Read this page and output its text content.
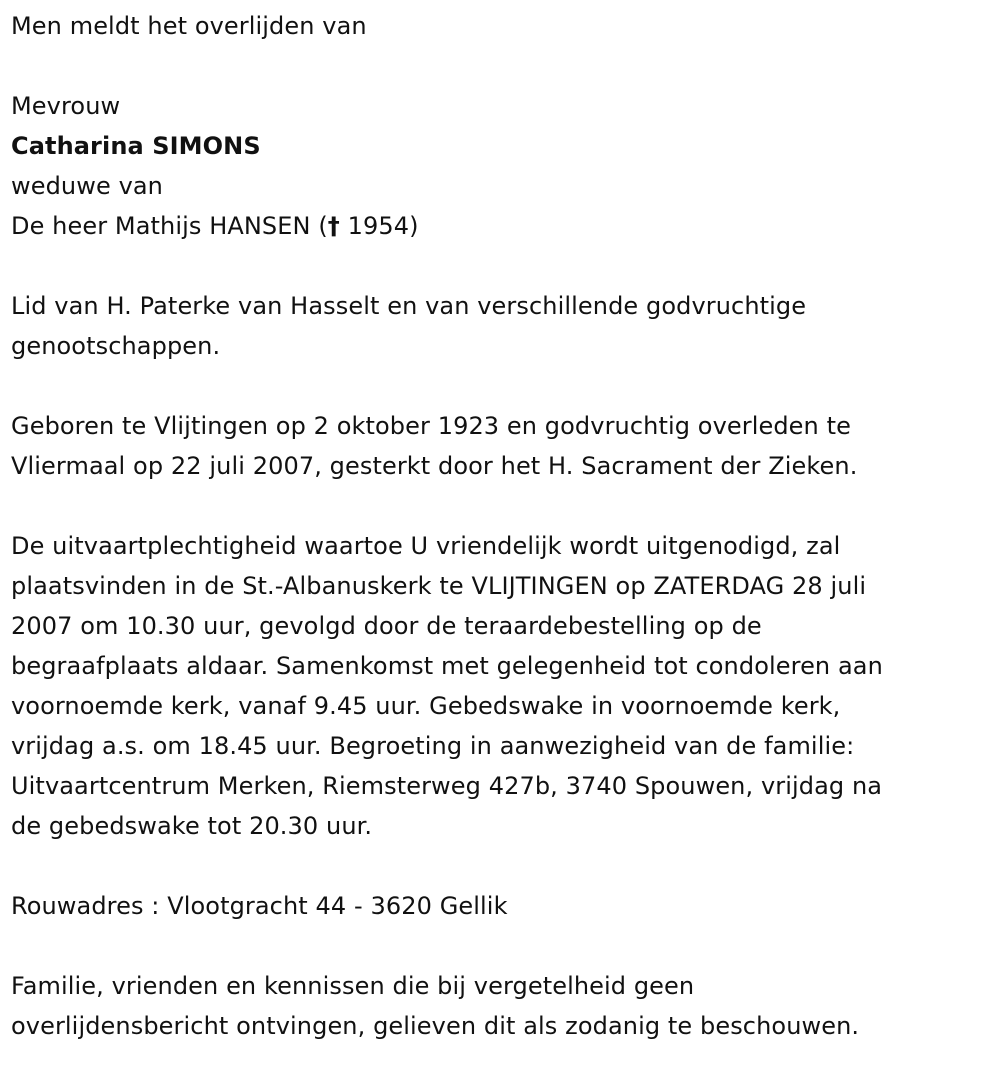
Men meldt het overlijden van
Mevrouw
Catharina SIMONS
weduwe van
De heer Mathijs HANSEN († 1954)
Lid van H. Paterke van Hasselt en van verschillende godvruchtige
genootschappen.
Geboren te Vlijtingen op 2 oktober 1923 en godvruchtig overleden te
Vliermaal op 22 juli 2007, gesterkt door het H. Sacrament der Zieken.
De uitvaartplechtigheid waartoe U vriendelijk wordt uitgenodigd, zal
plaatsvinden in de St.-Albanuskerk te VLIJTINGEN op ZATERDAG 28 juli
2007 om 10.30 uur, gevolgd door de teraardebestelling op de
begraafplaats aldaar. Samenkomst met gelegenheid tot condoleren aan
voornoemde kerk, vanaf 9.45 uur. Gebedswake in voornoemde kerk,
vrijdag a.s. om 18.45 uur. Begroeting in aanwezigheid van de familie:
Uitvaartcentrum Merken, Riemsterweg 427b, 3740 Spouwen, vrijdag na
de gebedswake tot 20.30 uur.
Rouwadres : Vlootgracht 44 - 3620 Gellik
Familie, vrienden en kennissen die bij vergetelheid geen
overlijdensbericht ontvingen, gelieven dit als zodanig te beschouwen.
